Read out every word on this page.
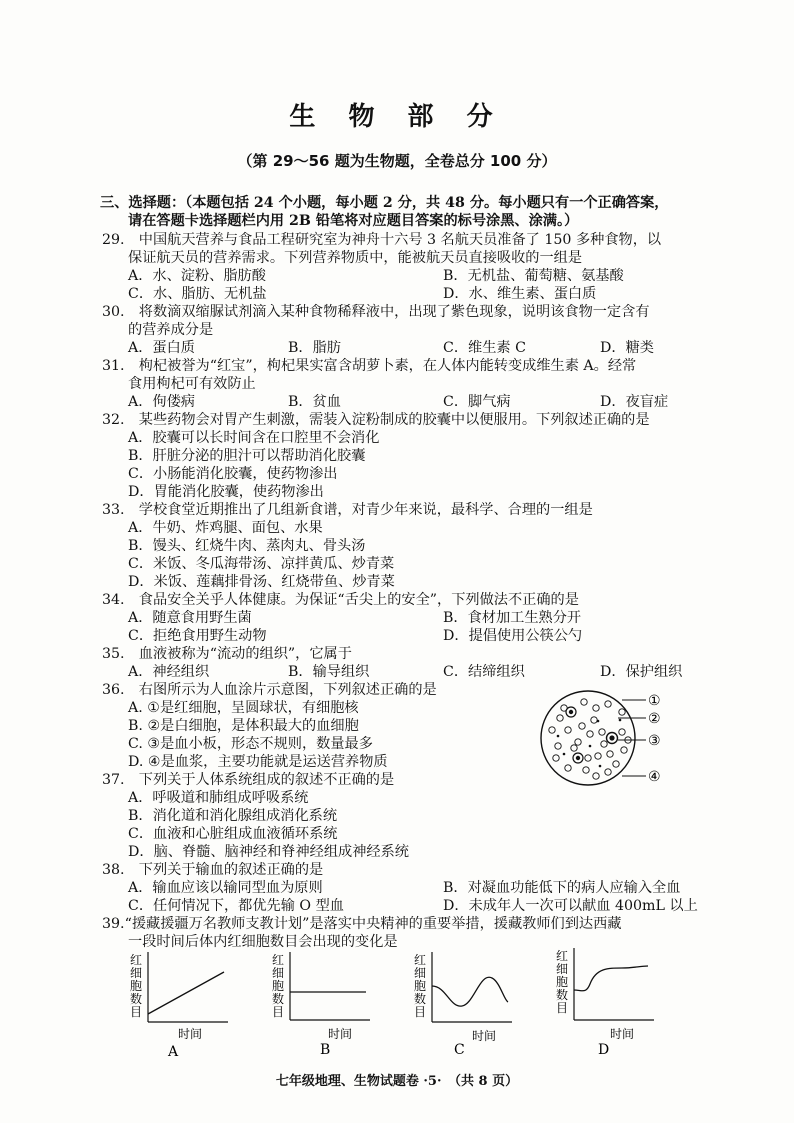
生 物 部 分
（第 29～56 题为生物题，全卷总分 100 分）
三、选择题：（本题包括 24 个小题，每小题 2 分，共 48 分。每小题只有一个正确答案，
请在答题卡选择题栏内用 2B 铅笔将对应题目答案的标号涂黑、涂满。）
29.　中国航天营养与食品工程研究室为神舟十六号 3 名航天员准备了 150 多种食物，以
保证航天员的营养需求。下列营养物质中，能被航天员直接吸收的一组是
A．水、淀粉、脂肪酸	B．无机盐、葡萄糖、氨基酸
C．水、脂肪、无机盐	D．水、维生素、蛋白质
30.　将数滴双缩脲试剂滴入某种食物稀释液中，出现了紫色现象，说明该食物一定含有
的营养成分是
A．蛋白质	B．脂肪	C．维生素 C	D．糖类
31.　枸杞被誉为“红宝”，枸杞果实富含胡萝卜素，在人体内能转变成维生素 A。经常
食用枸杞可有效防止
A．佝偻病	B．贫血	C．脚气病	D．夜盲症
32.　某些药物会对胃产生刺激，需装入淀粉制成的胶囊中以便服用。下列叙述正确的是
A．胶囊可以长时间含在口腔里不会消化
B．肝脏分泌的胆汁可以帮助消化胶囊
C．小肠能消化胶囊，使药物渗出
D．胃能消化胶囊，使药物渗出
33.　学校食堂近期推出了几组新食谱，对青少年来说，最科学、合理的一组是
A．牛奶、炸鸡腿、面包、水果
B．馒头、红烧牛肉、蒸肉丸、骨头汤
C．米饭、冬瓜海带汤、凉拌黄瓜、炒青菜
D．米饭、莲藕排骨汤、红烧带鱼、炒青菜
34.　食品安全关乎人体健康。为保证“舌尖上的安全”，下列做法不正确的是
A．随意食用野生菌	B．食材加工生熟分开
C．拒绝食用野生动物	D．提倡使用公筷公勺
35.　血液被称为“流动的组织”，它属于
A．神经组织	B．输导组织	C．结缔组织	D．保护组织
36.　右图所示为人血涂片示意图，下列叙述正确的是
A. ①是红细胞，呈圆球状，有细胞核
B. ②是白细胞，是体积最大的血细胞
C. ③是血小板，形态不规则，数量最多
D. ④是血浆，主要功能就是运送营养物质
①
②
③
④
37.　下列关于人体系统组成的叙述不正确的是
A．呼吸道和肺组成呼吸系统
B．消化道和消化腺组成消化系统
C．血液和心脏组成血液循环系统
D．脑、脊髓、脑神经和脊神经组成神经系统
38.　下列关于输血的叙述正确的是
A．输血应该以输同型血为原则	B．对凝血功能低下的病人应输入全血
C．任何情况下，都优先输 O 型血	D．未成年人一次可以献血 400mL 以上
39.“援藏援疆万名教师支教计划”是落实中央精神的重要举措，援藏教师们到达西藏
一段时间后体内红细胞数目会出现的变化是
红
细
胞
数
目
时间
A
红
细
胞
数
目
时间
B
红
细
胞
数
目
时间
C
红
细
胞
数
目
时间
D
七年级地理、生物试题卷 ·5·　（共 8 页）
